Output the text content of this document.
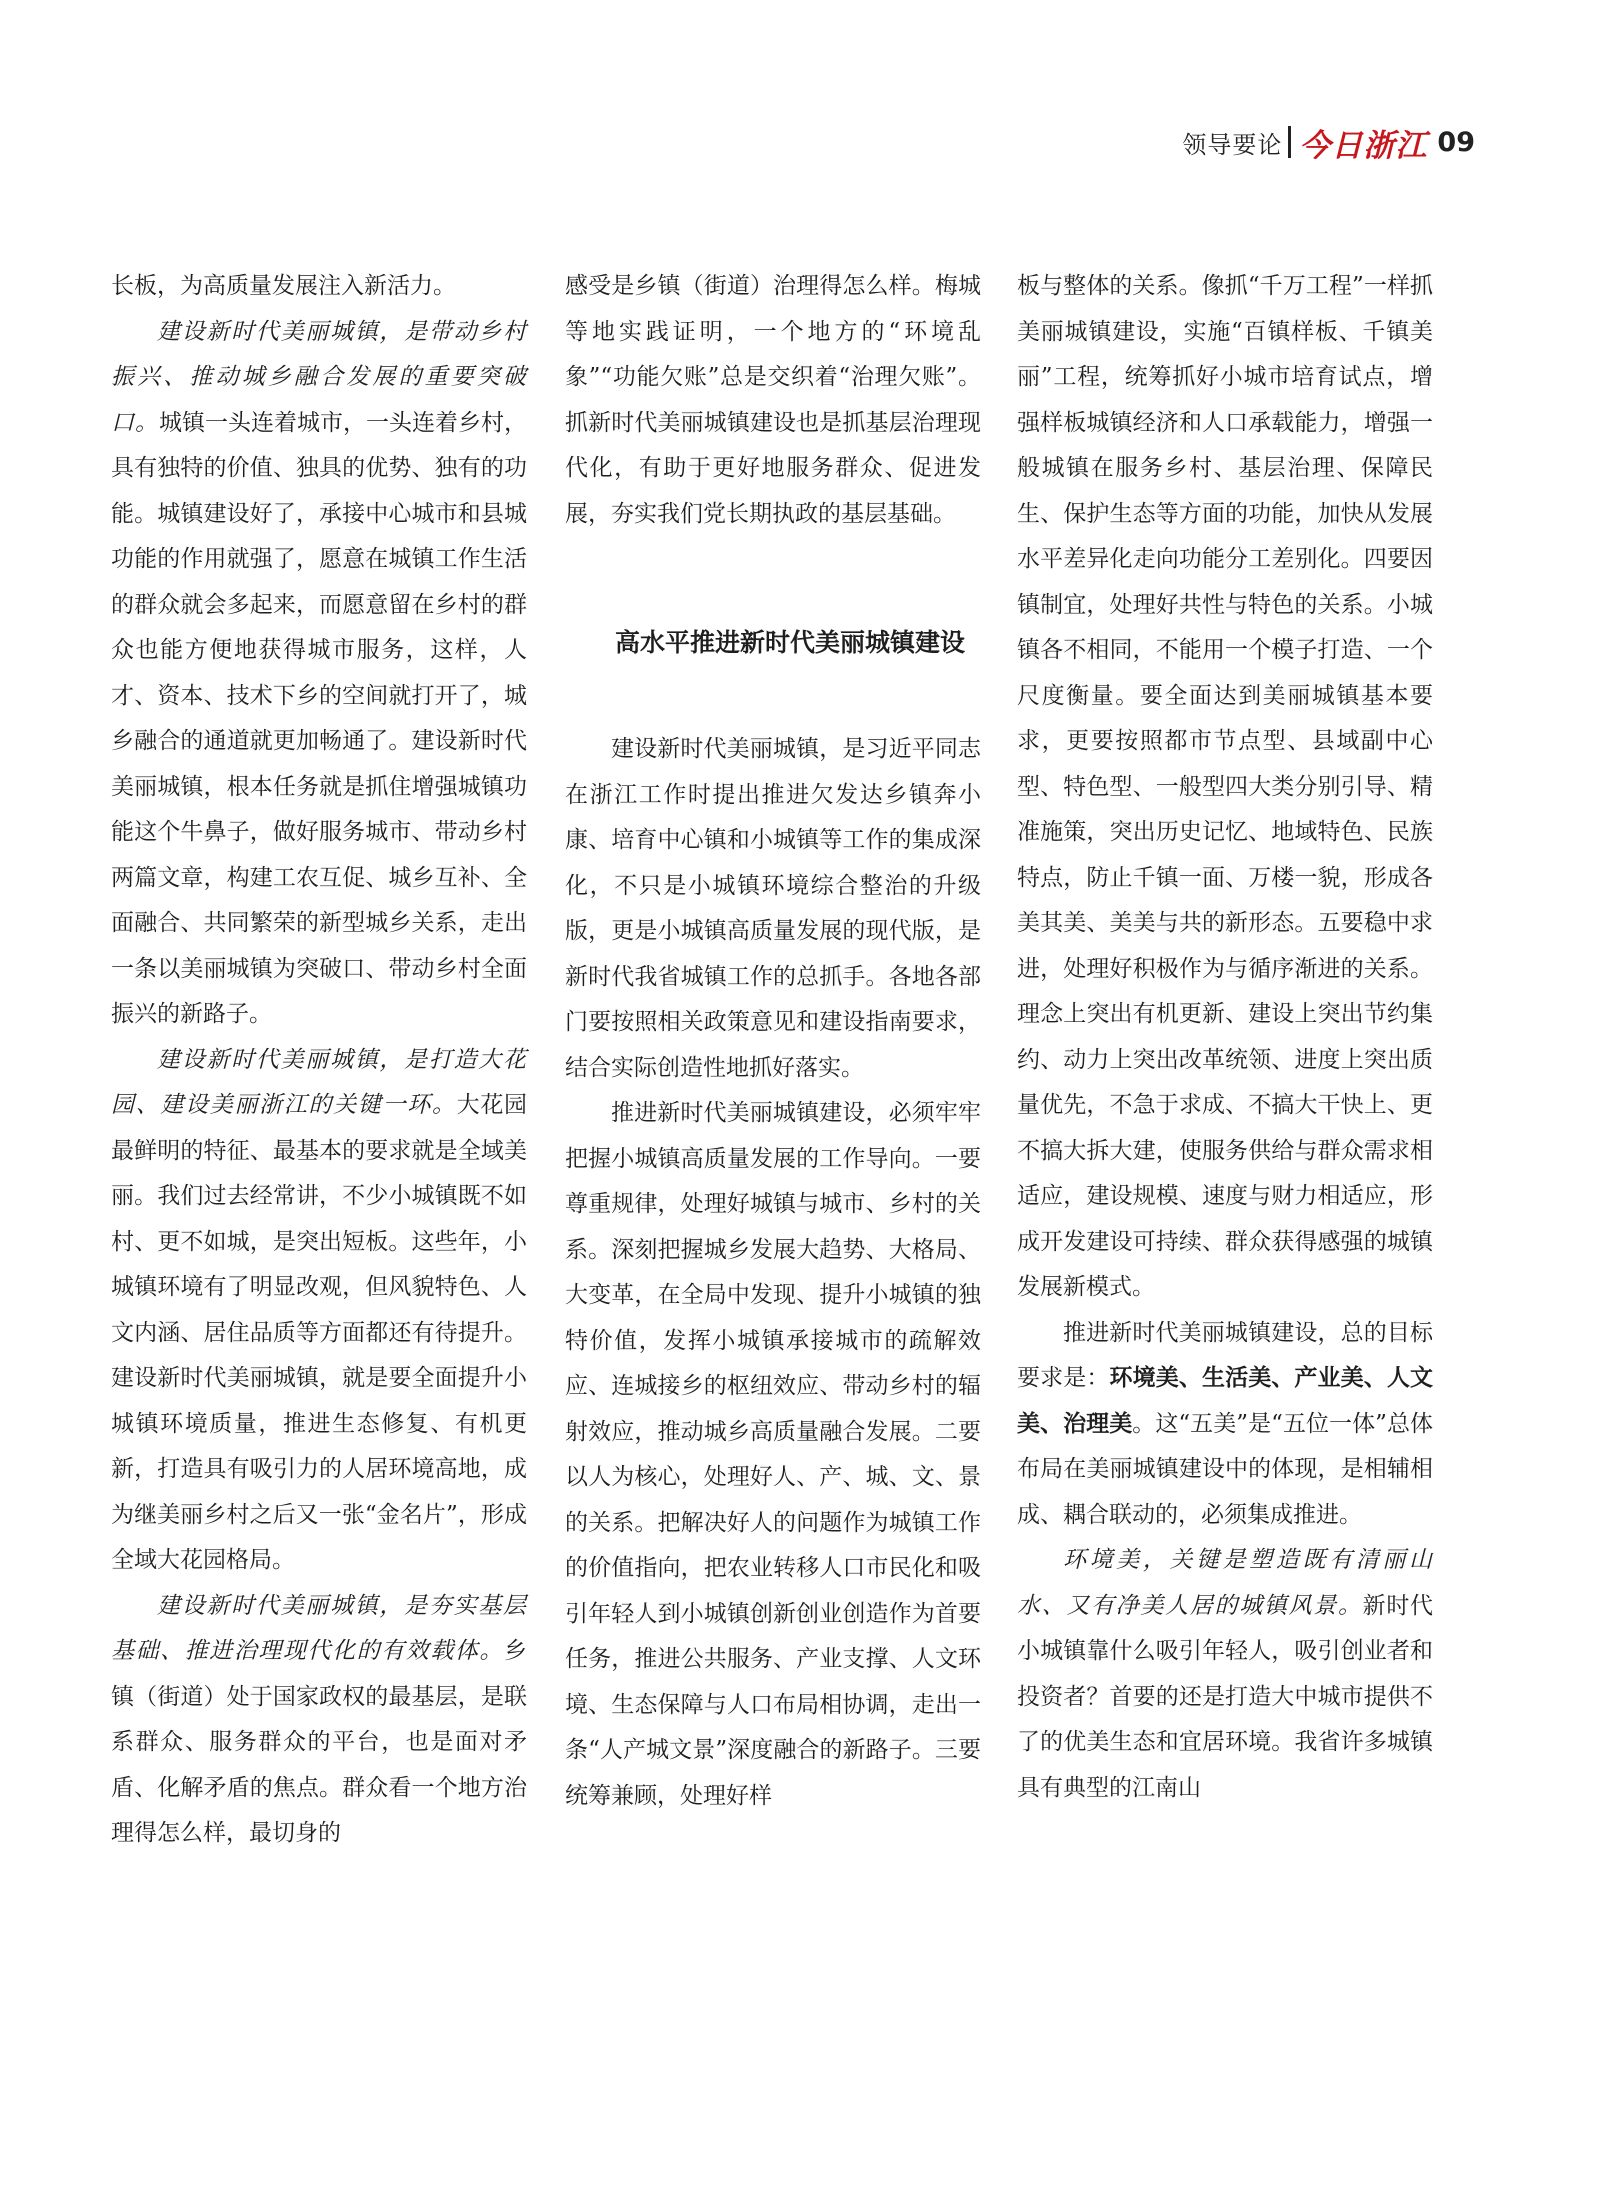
领导要论 今日浙江 09

长板，为高质量发展注入新活力。

建设新时代美丽城镇，是带动乡村振兴、推动城乡融合发展的重要突破口。城镇一头连着城市，一头连着乡村，具有独特的价值、独具的优势、独有的功能。城镇建设好了，承接中心城市和县城功能的作用就强了，愿意在城镇工作生活的群众就会多起来，而愿意留在乡村的群众也能方便地获得城市服务，这样，人才、资本、技术下乡的空间就打开了，城乡融合的通道就更加畅通了。建设新时代美丽城镇，根本任务就是抓住增强城镇功能这个牛鼻子，做好服务城市、带动乡村两篇文章，构建工农互促、城乡互补、全面融合、共同繁荣的新型城乡关系，走出一条以美丽城镇为突破口、带动乡村全面振兴的新路子。

建设新时代美丽城镇，是打造大花园、建设美丽浙江的关键一环。大花园最鲜明的特征、最基本的要求就是全域美丽。我们过去经常讲，不少小城镇既不如村、更不如城，是突出短板。这些年，小城镇环境有了明显改观，但风貌特色、人文内涵、居住品质等方面都还有待提升。建设新时代美丽城镇，就是要全面提升小城镇环境质量，推进生态修复、有机更新，打造具有吸引力的人居环境高地，成为继美丽乡村之后又一张“金名片”，形成全域大花园格局。

建设新时代美丽城镇，是夯实基层基础、推进治理现代化的有效载体。乡镇（街道）处于国家政权的最基层，是联系群众、服务群众的平台，也是面对矛盾、化解矛盾的焦点。群众看一个地方治理得怎么样，最切身的

感受是乡镇（街道）治理得怎么样。梅城等地实践证明，一个地方的“环境乱象”“功能欠账”总是交织着“治理欠账”。抓新时代美丽城镇建设也是抓基层治理现代化，有助于更好地服务群众、促进发展，夯实我们党长期执政的基层基础。

高水平推进新时代美丽城镇建设

建设新时代美丽城镇，是习近平同志在浙江工作时提出推进欠发达乡镇奔小康、培育中心镇和小城镇等工作的集成深化，不只是小城镇环境综合整治的升级版，更是小城镇高质量发展的现代版，是新时代我省城镇工作的总抓手。各地各部门要按照相关政策意见和建设指南要求，结合实际创造性地抓好落实。

推进新时代美丽城镇建设，必须牢牢把握小城镇高质量发展的工作导向。一要尊重规律，处理好城镇与城市、乡村的关系。深刻把握城乡发展大趋势、大格局、大变革，在全局中发现、提升小城镇的独特价值，发挥小城镇承接城市的疏解效应、连城接乡的枢纽效应、带动乡村的辐射效应，推动城乡高质量融合发展。二要以人为核心，处理好人、产、城、文、景的关系。把解决好人的问题作为城镇工作的价值指向，把农业转移人口市民化和吸引年轻人到小城镇创新创业创造作为首要任务，推进公共服务、产业支撑、人文环境、生态保障与人口布局相协调，走出一条“人产城文景”深度融合的新路子。三要统筹兼顾，处理好样

板与整体的关系。像抓“千万工程”一样抓美丽城镇建设，实施“百镇样板、千镇美丽”工程，统筹抓好小城市培育试点，增强样板城镇经济和人口承载能力，增强一般城镇在服务乡村、基层治理、保障民生、保护生态等方面的功能，加快从发展水平差异化走向功能分工差别化。四要因镇制宜，处理好共性与特色的关系。小城镇各不相同，不能用一个模子打造、一个尺度衡量。要全面达到美丽城镇基本要求，更要按照都市节点型、县域副中心型、特色型、一般型四大类分别引导、精准施策，突出历史记忆、地域特色、民族特点，防止千镇一面、万楼一貌，形成各美其美、美美与共的新形态。五要稳中求进，处理好积极作为与循序渐进的关系。理念上突出有机更新、建设上突出节约集约、动力上突出改革统领、进度上突出质量优先，不急于求成、不搞大干快上、更不搞大拆大建，使服务供给与群众需求相适应，建设规模、速度与财力相适应，形成开发建设可持续、群众获得感强的城镇发展新模式。

推进新时代美丽城镇建设，总的目标要求是：环境美、生活美、产业美、人文美、治理美。这“五美”是“五位一体”总体布局在美丽城镇建设中的体现，是相辅相成、耦合联动的，必须集成推进。

环境美，关键是塑造既有清丽山水、又有净美人居的城镇风景。新时代小城镇靠什么吸引年轻人，吸引创业者和投资者？首要的还是打造大中城市提供不了的优美生态和宜居环境。我省许多城镇具有典型的江南山
